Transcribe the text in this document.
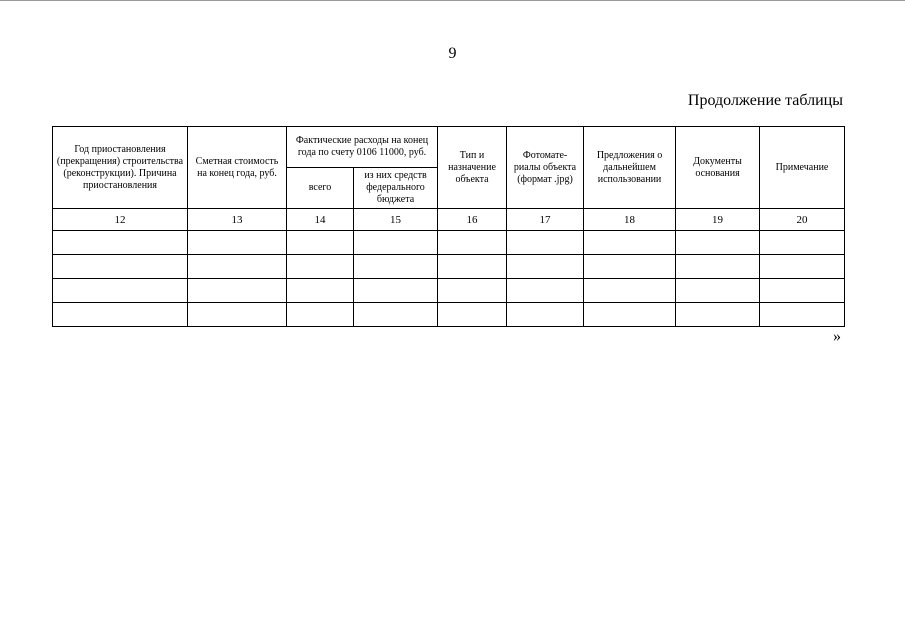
9
Продолжение таблицы
Год приостановления (прекращения) строительства (реконструкции). Причина приостановления	Сметная стоимость на конец года, руб.	Фактические расходы на конец года по счету 0106 11000, руб.		Тип и назначение объекта	Фотомате-риалы объекта (формат .jpg)	Предложения о дальнейшем использовании	Документы основания	Примечание
		всего	из них средств федерального бюджета					
12	13	14	15	16	17	18	19	20

»
